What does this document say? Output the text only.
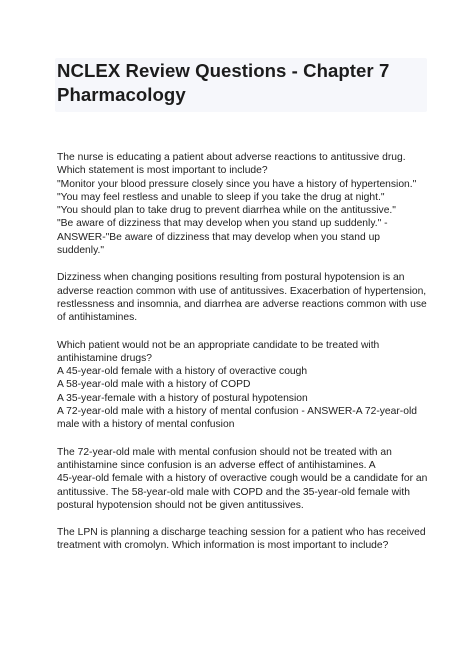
NCLEX Review Questions - Chapter 7
Pharmacology
The nurse is educating a patient about adverse reactions to antitussive drug.
Which statement is most important to include?
"Monitor your blood pressure closely since you have a history of hypertension."
"You may feel restless and unable to sleep if you take the drug at night."
"You should plan to take drug to prevent diarrhea while on the antitussive."
"Be aware of dizziness that may develop when you stand up suddenly." -
ANSWER-"Be aware of dizziness that may develop when you stand up
suddenly."
Dizziness when changing positions resulting from postural hypotension is an
adverse reaction common with use of antitussives. Exacerbation of hypertension,
restlessness and insomnia, and diarrhea are adverse reactions common with use
of antihistamines.
Which patient would not be an appropriate candidate to be treated with
antihistamine drugs?
A 45-year-old female with a history of overactive cough
A 58-year-old male with a history of COPD
A 35-year-female with a history of postural hypotension
A 72-year-old male with a history of mental confusion - ANSWER-A 72-year-old
male with a history of mental confusion
The 72-year-old male with mental confusion should not be treated with an
antihistamine since confusion is an adverse effect of antihistamines. A
45-year-old female with a history of overactive cough would be a candidate for an
antitussive. The 58-year-old male with COPD and the 35-year-old female with
postural hypotension should not be given antitussives.
The LPN is planning a discharge teaching session for a patient who has received
treatment with cromolyn. Which information is most important to include?
